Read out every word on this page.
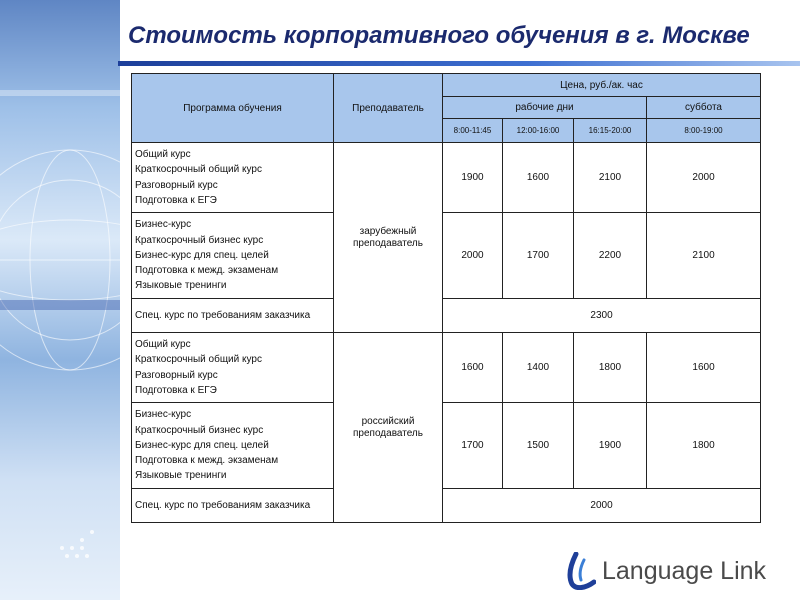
Стоимость корпоративного обучения в г. Москве
Программа обучения	Преподаватель	Цена, руб./ак. час			
		рабочие дни			суббота
		8:00-11:45	12:00-16:00	16:15-20:00	8:00-19:00

Общий курс
Краткосрочный общий курс
Разговорный курс
Подготовка к ЕГЭ	зарубежный преподаватель	1900	1600	2100	2000

Бизнес-курс
Краткосрочный бизнес курс
Бизнес-курс для спец. целей
Подготовка к межд. экзаменам
Языковые тренинги		2000	1700	2200	2100
Спец. курс по требованиям заказчика		2300			

Общий курс
Краткосрочный общий курс
Разговорный курс
Подготовка к ЕГЭ	российский преподаватель	1600	1400	1800	1600

Бизнес-курс
Краткосрочный бизнес курс
Бизнес-курс для спец. целей
Подготовка к межд. экзаменам
Языковые тренинги		1700	1500	1900	1800
Спец. курс по требованиям заказчика		2000			
Language Link
